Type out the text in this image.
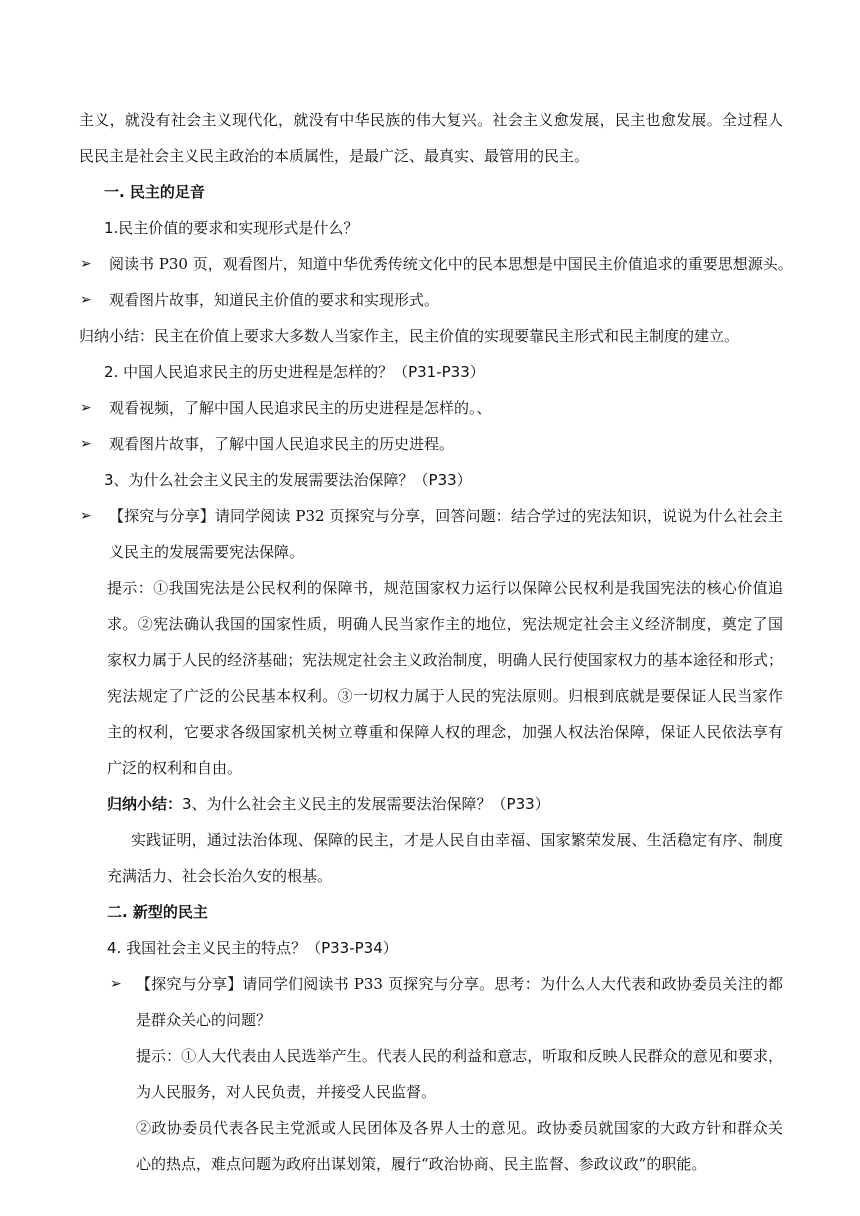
主义，就没有社会主义现代化，就没有中华民族的伟大复兴。社会主义愈发展，民主也愈发展。全过程人
民民主是社会主义民主政治的本质属性，是最广泛、最真实、最管用的民主。
一. 民主的足音
1.民主价值的要求和实现形式是什么？
➢ 阅读书 P30 页，观看图片，知道中华优秀传统文化中的民本思想是中国民主价值追求的重要思想源头。
➢ 观看图片故事，知道民主价值的要求和实现形式。
归纳小结：民主在价值上要求大多数人当家作主，民主价值的实现要靠民主形式和民主制度的建立。
2. 中国人民追求民主的历史进程是怎样的？（P31-P33）
➢ 观看视频，了解中国人民追求民主的历史进程是怎样的。、
➢ 观看图片故事，了解中国人民追求民主的历史进程。
3、为什么社会主义民主的发展需要法治保障？（P33）
➢ 【探究与分享】请同学阅读 P32 页探究与分享，回答问题：结合学过的宪法知识，说说为什么社会主
义民主的发展需要宪法保障。
提示：①我国宪法是公民权利的保障书，规范国家权力运行以保障公民权利是我国宪法的核心价值追
求。②宪法确认我国的国家性质，明确人民当家作主的地位，宪法规定社会主义经济制度，奠定了国
家权力属于人民的经济基础；宪法规定社会主义政治制度，明确人民行使国家权力的基本途径和形式；
宪法规定了广泛的公民基本权利。③一切权力属于人民的宪法原则。归根到底就是要保证人民当家作
主的权利，它要求各级国家机关树立尊重和保障人权的理念，加强人权法治保障，保证人民依法享有
广泛的权利和自由。
归纳小结：3、为什么社会主义民主的发展需要法治保障？（P33）
实践证明，通过法治体现、保障的民主，才是人民自由幸福、国家繁荣发展、生活稳定有序、制度
充满活力、社会长治久安的根基。
二. 新型的民主
4. 我国社会主义民主的特点？（P33-P34）
➢ 【探究与分享】请同学们阅读书 P33 页探究与分享。思考：为什么人大代表和政协委员关注的都
是群众关心的问题？
提示：①人大代表由人民选举产生。代表人民的利益和意志，听取和反映人民群众的意见和要求，
为人民服务，对人民负责，并接受人民监督。
②政协委员代表各民主党派或人民团体及各界人士的意见。政协委员就国家的大政方针和群众关
心的热点，难点问题为政府出谋划策，履行“政治协商、民主监督、参政议政”的职能。
